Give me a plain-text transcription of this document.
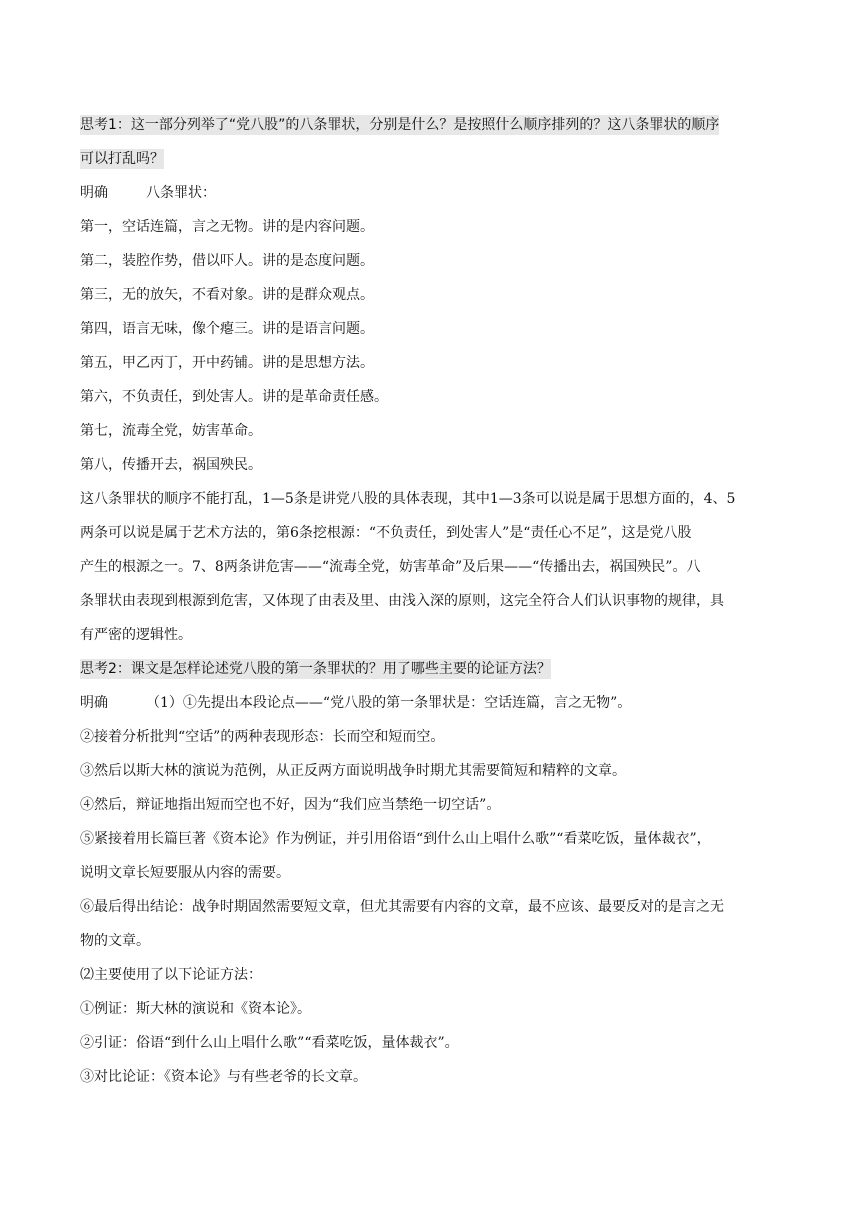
思考1：这一部分列举了“党八股”的八条罪状，分别是什么？是按照什么顺序排列的？这八条罪状的顺序
可以打乱吗？
明确	八条罪状：
第一，空话连篇，言之无物。讲的是内容问题。
第二，装腔作势，借以吓人。讲的是态度问题。
第三，无的放矢，不看对象。讲的是群众观点。
第四，语言无味，像个瘪三。讲的是语言问题。
第五，甲乙丙丁，开中药铺。讲的是思想方法。
第六，不负责任，到处害人。讲的是革命责任感。
第七，流毒全党，妨害革命。
第八，传播开去，祸国殃民。
这八条罪状的顺序不能打乱，1—5条是讲党八股的具体表现，其中1—3条可以说是属于思想方面的，4、5
两条可以说是属于艺术方法的，第6条挖根源：“不负责任，到处害人”是“责任心不足”，这是党八股
产生的根源之一。7、8两条讲危害——“流毒全党，妨害革命”及后果——“传播出去，祸国殃民”。八
条罪状由表现到根源到危害，又体现了由表及里、由浅入深的原则，这完全符合人们认识事物的规律，具
有严密的逻辑性。
思考2：课文是怎样论述党八股的第一条罪状的？用了哪些主要的论证方法？
明确	（1）①先提出本段论点——“党八股的第一条罪状是：空话连篇，言之无物”。
②接着分析批判“空话”的两种表现形态：长而空和短而空。
③然后以斯大林的演说为范例，从正反两方面说明战争时期尤其需要简短和精粹的文章。
④然后，辩证地指出短而空也不好，因为“我们应当禁绝一切空话”。
⑤紧接着用长篇巨著《资本论》作为例证，并引用俗语“到什么山上唱什么歌”“看菜吃饭，量体裁衣”，
说明文章长短要服从内容的需要。
⑥最后得出结论：战争时期固然需要短文章，但尤其需要有内容的文章，最不应该、最要反对的是言之无
物的文章。
⑵主要使用了以下论证方法：
①例证：斯大林的演说和《资本论》。
②引证：俗语“到什么山上唱什么歌”“看菜吃饭，量体裁衣”。
③对比论证：《资本论》与有些老爷的长文章。
